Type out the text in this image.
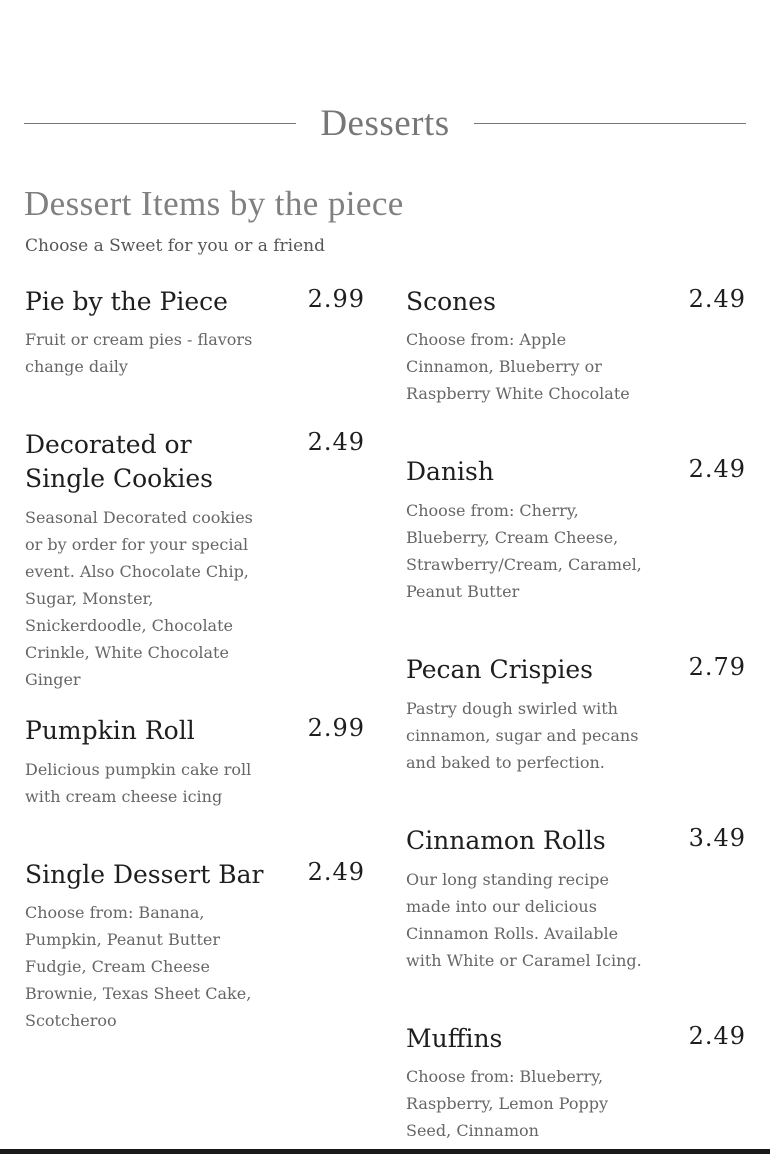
Desserts
Dessert Items by the piece
Choose a Sweet for you or a friend
Pie by the Piece	2.99
Fruit or cream pies - flavors change daily
Decorated or Single Cookies
2.49
Seasonal Decorated cookies or by order for your special event. Also Chocolate Chip, Sugar, Monster, Snickerdoodle, Chocolate Crinkle, White Chocolate Ginger
Pumpkin Roll	2.99
Delicious pumpkin cake roll with cream cheese icing
Single Dessert Bar	2.49
Choose from: Banana, Pumpkin, Peanut Butter Fudgie, Cream Cheese Brownie, Texas Sheet Cake, Scotcheroo
Scones	2.49
Choose from: Apple Cinnamon, Blueberry or Raspberry White Chocolate
Danish	2.49
Choose from: Cherry, Blueberry, Cream Cheese, Strawberry/Cream, Caramel, Peanut Butter
Pecan Crispies	2.79
Pastry dough swirled with cinnamon, sugar and pecans and baked to perfection.
Cinnamon Rolls	3.49
Our long standing recipe made into our delicious Cinnamon Rolls. Available with White or Caramel Icing.
Muffins	2.49
Choose from: Blueberry, Raspberry, Lemon Poppy Seed, Cinnamon
